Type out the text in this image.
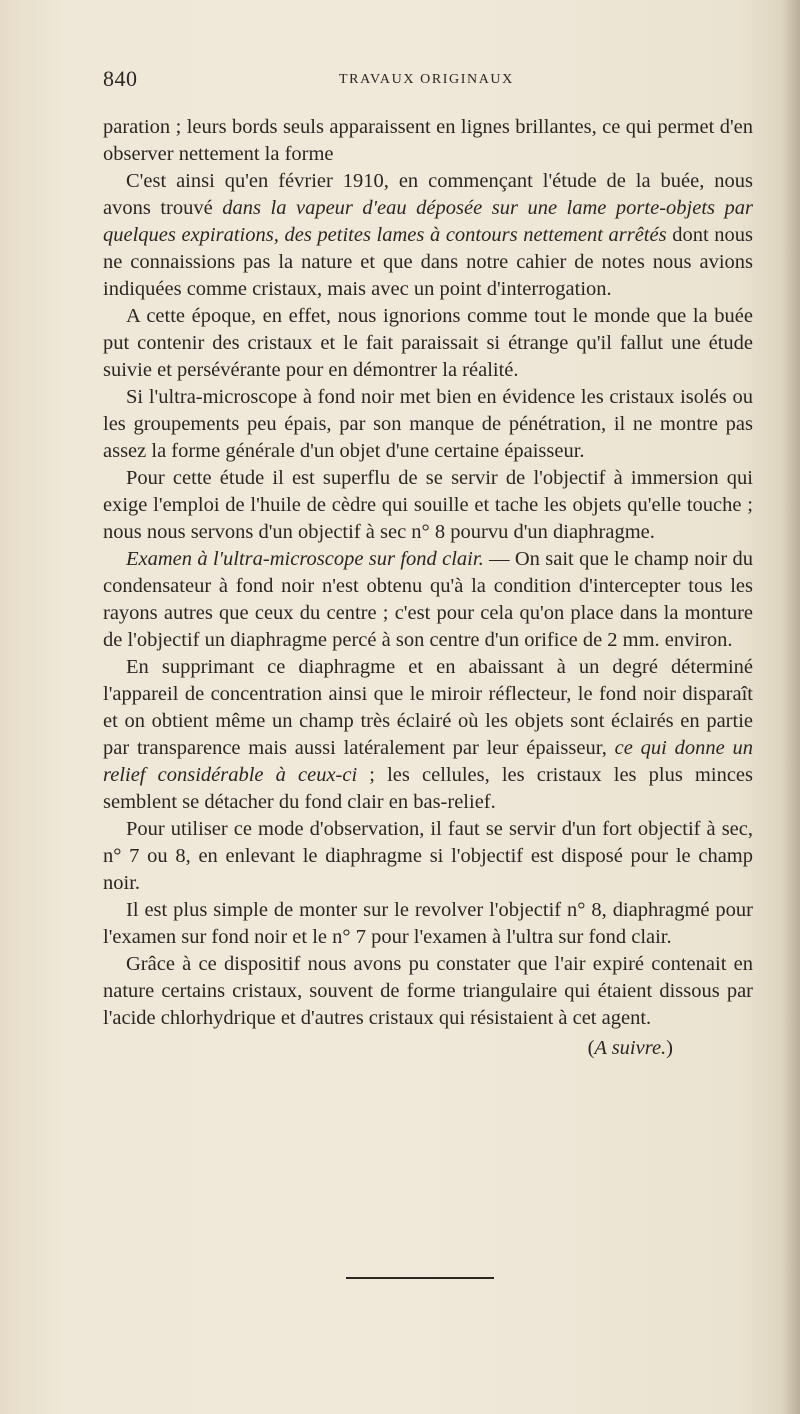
840	TRAVAUX ORIGINAUX

paration ; leurs bords seuls apparaissent en lignes brillantes, ce qui permet d'en observer nettement la forme

C'est ainsi qu'en février 1910, en commençant l'étude de la buée, nous avons trouvé dans la vapeur d'eau déposée sur une lame porte-objets par quelques expirations, des petites lames à contours nettement arrêtés dont nous ne connaissions pas la nature et que dans notre cahier de notes nous avions indiquées comme cristaux, mais avec un point d'interrogation.

A cette époque, en effet, nous ignorions comme tout le monde que la buée put contenir des cristaux et le fait paraissait si étrange qu'il fallut une étude suivie et persévérante pour en démontrer la réalité.

Si l'ultra-microscope à fond noir met bien en évidence les cristaux isolés ou les groupements peu épais, par son manque de pénétration, il ne montre pas assez la forme générale d'un objet d'une certaine épaisseur.

Pour cette étude il est superflu de se servir de l'objectif à immersion qui exige l'emploi de l'huile de cèdre qui souille et tache les objets qu'elle touche ; nous nous servons d'un objectif à sec n° 8 pourvu d'un diaphragme.

Examen à l'ultra-microscope sur fond clair. — On sait que le champ noir du condensateur à fond noir n'est obtenu qu'à la condition d'intercepter tous les rayons autres que ceux du centre ; c'est pour cela qu'on place dans la monture de l'objectif un diaphragme percé à son centre d'un orifice de 2 mm. environ.

En supprimant ce diaphragme et en abaissant à un degré déterminé l'appareil de concentration ainsi que le miroir réflecteur, le fond noir disparaît et on obtient même un champ très éclairé où les objets sont éclairés en partie par transparence mais aussi latéralement par leur épaisseur, ce qui donne un relief considérable à ceux-ci ; les cellules, les cristaux les plus minces semblent se détacher du fond clair en bas-relief.

Pour utiliser ce mode d'observation, il faut se servir d'un fort objectif à sec, n° 7 ou 8, en enlevant le diaphragme si l'objectif est disposé pour le champ noir.

Il est plus simple de monter sur le revolver l'objectif n° 8, diaphragmé pour l'examen sur fond noir et le n° 7 pour l'examen à l'ultra sur fond clair.

Grâce à ce dispositif nous avons pu constater que l'air expiré contenait en nature certains cristaux, souvent de forme triangulaire qui étaient dissous par l'acide chlorhydrique et d'autres cristaux qui résistaient à cet agent.

(A suivre.)
